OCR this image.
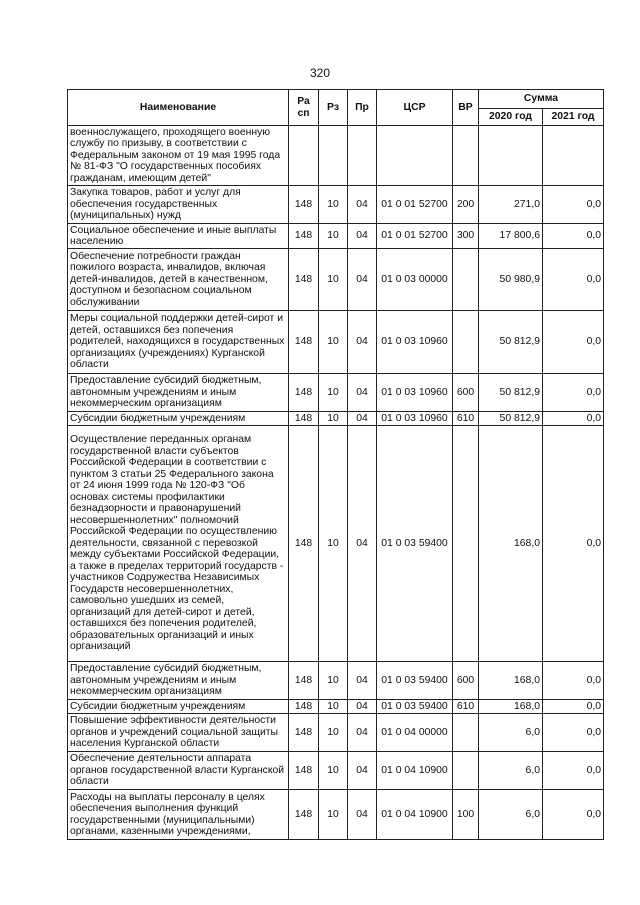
320
Наименование	Ра сп	Рз	Пр	ЦСР	ВР	Сумма	
						2020 год	2021 год
военнослужащего, проходящего военную службу по призыву, в соответствии с Федеральным законом от 19 мая 1995 года № 81-ФЗ "О государственных пособиях гражданам, имеющим детей"							
Закупка товаров, работ и услуг для обеспечения государственных (муниципальных) нужд	148	10	04	01 0 01 52700	200	271,0	0,0
Социальное обеспечение и иные выплаты населению	148	10	04	01 0 01 52700	300	17 800,6	0,0
Обеспечение потребности граждан пожилого возраста, инвалидов, включая детей-инвалидов, детей в качественном, доступном и безопасном социальном обслуживании	148	10	04	01 0 03 00000		50 980,9	0,0
Меры социальной поддержки детей-сирот и детей, оставшихся без попечения родителей, находящихся в государственных организациях (учреждениях) Курганской области	148	10	04	01 0 03 10960		50 812,9	0,0
Предоставление субсидий бюджетным, автономным учреждениям и иным некоммерческим организациям	148	10	04	01 0 03 10960	600	50 812,9	0,0
Субсидии бюджетным учреждениям	148	10	04	01 0 03 10960	610	50 812,9	0,0
Осуществление переданных органам государственной власти субъектов Российской Федерации в соответствии с пунктом 3 статьи 25 Федерального закона от 24 июня 1999 года № 120-ФЗ "Об основах системы профилактики безнадзорности и правонарушений несовершеннолетних" полномочий Российской Федерации по осуществлению деятельности, связанной с перевозкой между субъектами Российской Федерации, а также в пределах территорий государств - участников Содружества Независимых Государств несовершеннолетних, самовольно ушедших из семей, организаций для детей-сирот и детей, оставшихся без попечения родителей, образовательных организаций и иных организаций	148	10	04	01 0 03 59400		168,0	0,0
Предоставление субсидий бюджетным, автономным учреждениям и иным некоммерческим организациям	148	10	04	01 0 03 59400	600	168,0	0,0
Субсидии бюджетным учреждениям	148	10	04	01 0 03 59400	610	168,0	0,0
Повышение эффективности деятельности органов и учреждений социальной защиты населения Курганской области	148	10	04	01 0 04 00000		6,0	0,0
Обеспечение деятельности аппарата органов государственной власти Курганской области	148	10	04	01 0 04 10900		6,0	0,0
Расходы на выплаты персоналу в целях обеспечения выполнения функций государственными (муниципальными) органами, казенными учреждениями,	148	10	04	01 0 04 10900	100	6,0	0,0
